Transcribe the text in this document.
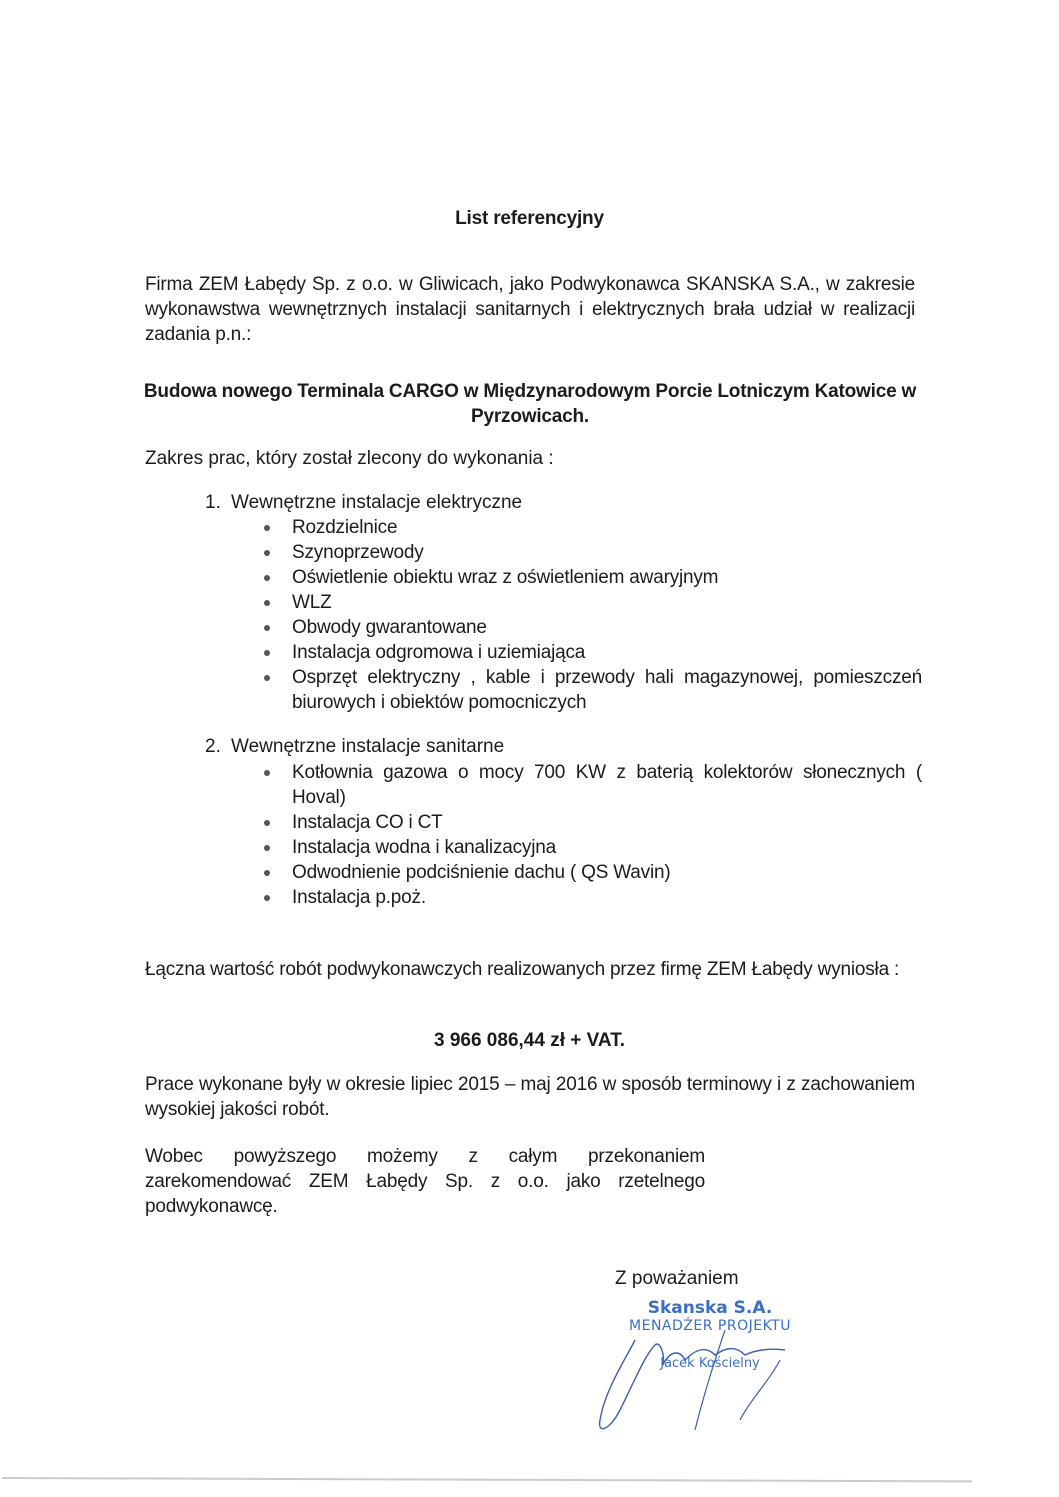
List referencyjny
Firma ZEM Łabędy Sp. z o.o. w Gliwicach, jako Podwykonawca SKANSKA S.A., w zakresie wykonawstwa wewnętrznych instalacji sanitarnych i elektrycznych brała udział w realizacji zadania p.n.:
Budowa nowego Terminala CARGO w Międzynarodowym Porcie Lotniczym Katowice w Pyrzowicach.
Zakres prac, który został zlecony do wykonania :
1. Wewnętrzne instalacje elektryczne
Rozdzielnice
Szynoprzewody
Oświetlenie obiektu wraz z oświetleniem awaryjnym
WLZ
Obwody gwarantowane
Instalacja odgromowa i uziemiająca
Osprzęt elektryczny , kable i przewody hali magazynowej, pomieszczeń biurowych i obiektów pomocniczych
2. Wewnętrzne instalacje sanitarne
Kotłownia gazowa o mocy 700 KW z baterią kolektorów słonecznych ( Hoval)
Instalacja CO i CT
Instalacja wodna i kanalizacyjna
Odwodnienie podciśnienie dachu ( QS Wavin)
Instalacja p.poż.
Łączna wartość robót podwykonawczych realizowanych przez firmę ZEM Łabędy wyniosła :
3 966 086,44 zł + VAT.
Prace wykonane były w okresie lipiec 2015 – maj 2016 w sposób terminowy i z zachowaniem wysokiej jakości robót.
Wobec powyższego możemy z całym przekonaniem zarekomendować ZEM Łabędy Sp. z o.o. jako rzetelnego podwykonawcę.
Z poważaniem
Skanska S.A.
MENADŻER PROJEKTU
Jacek Kościelny
